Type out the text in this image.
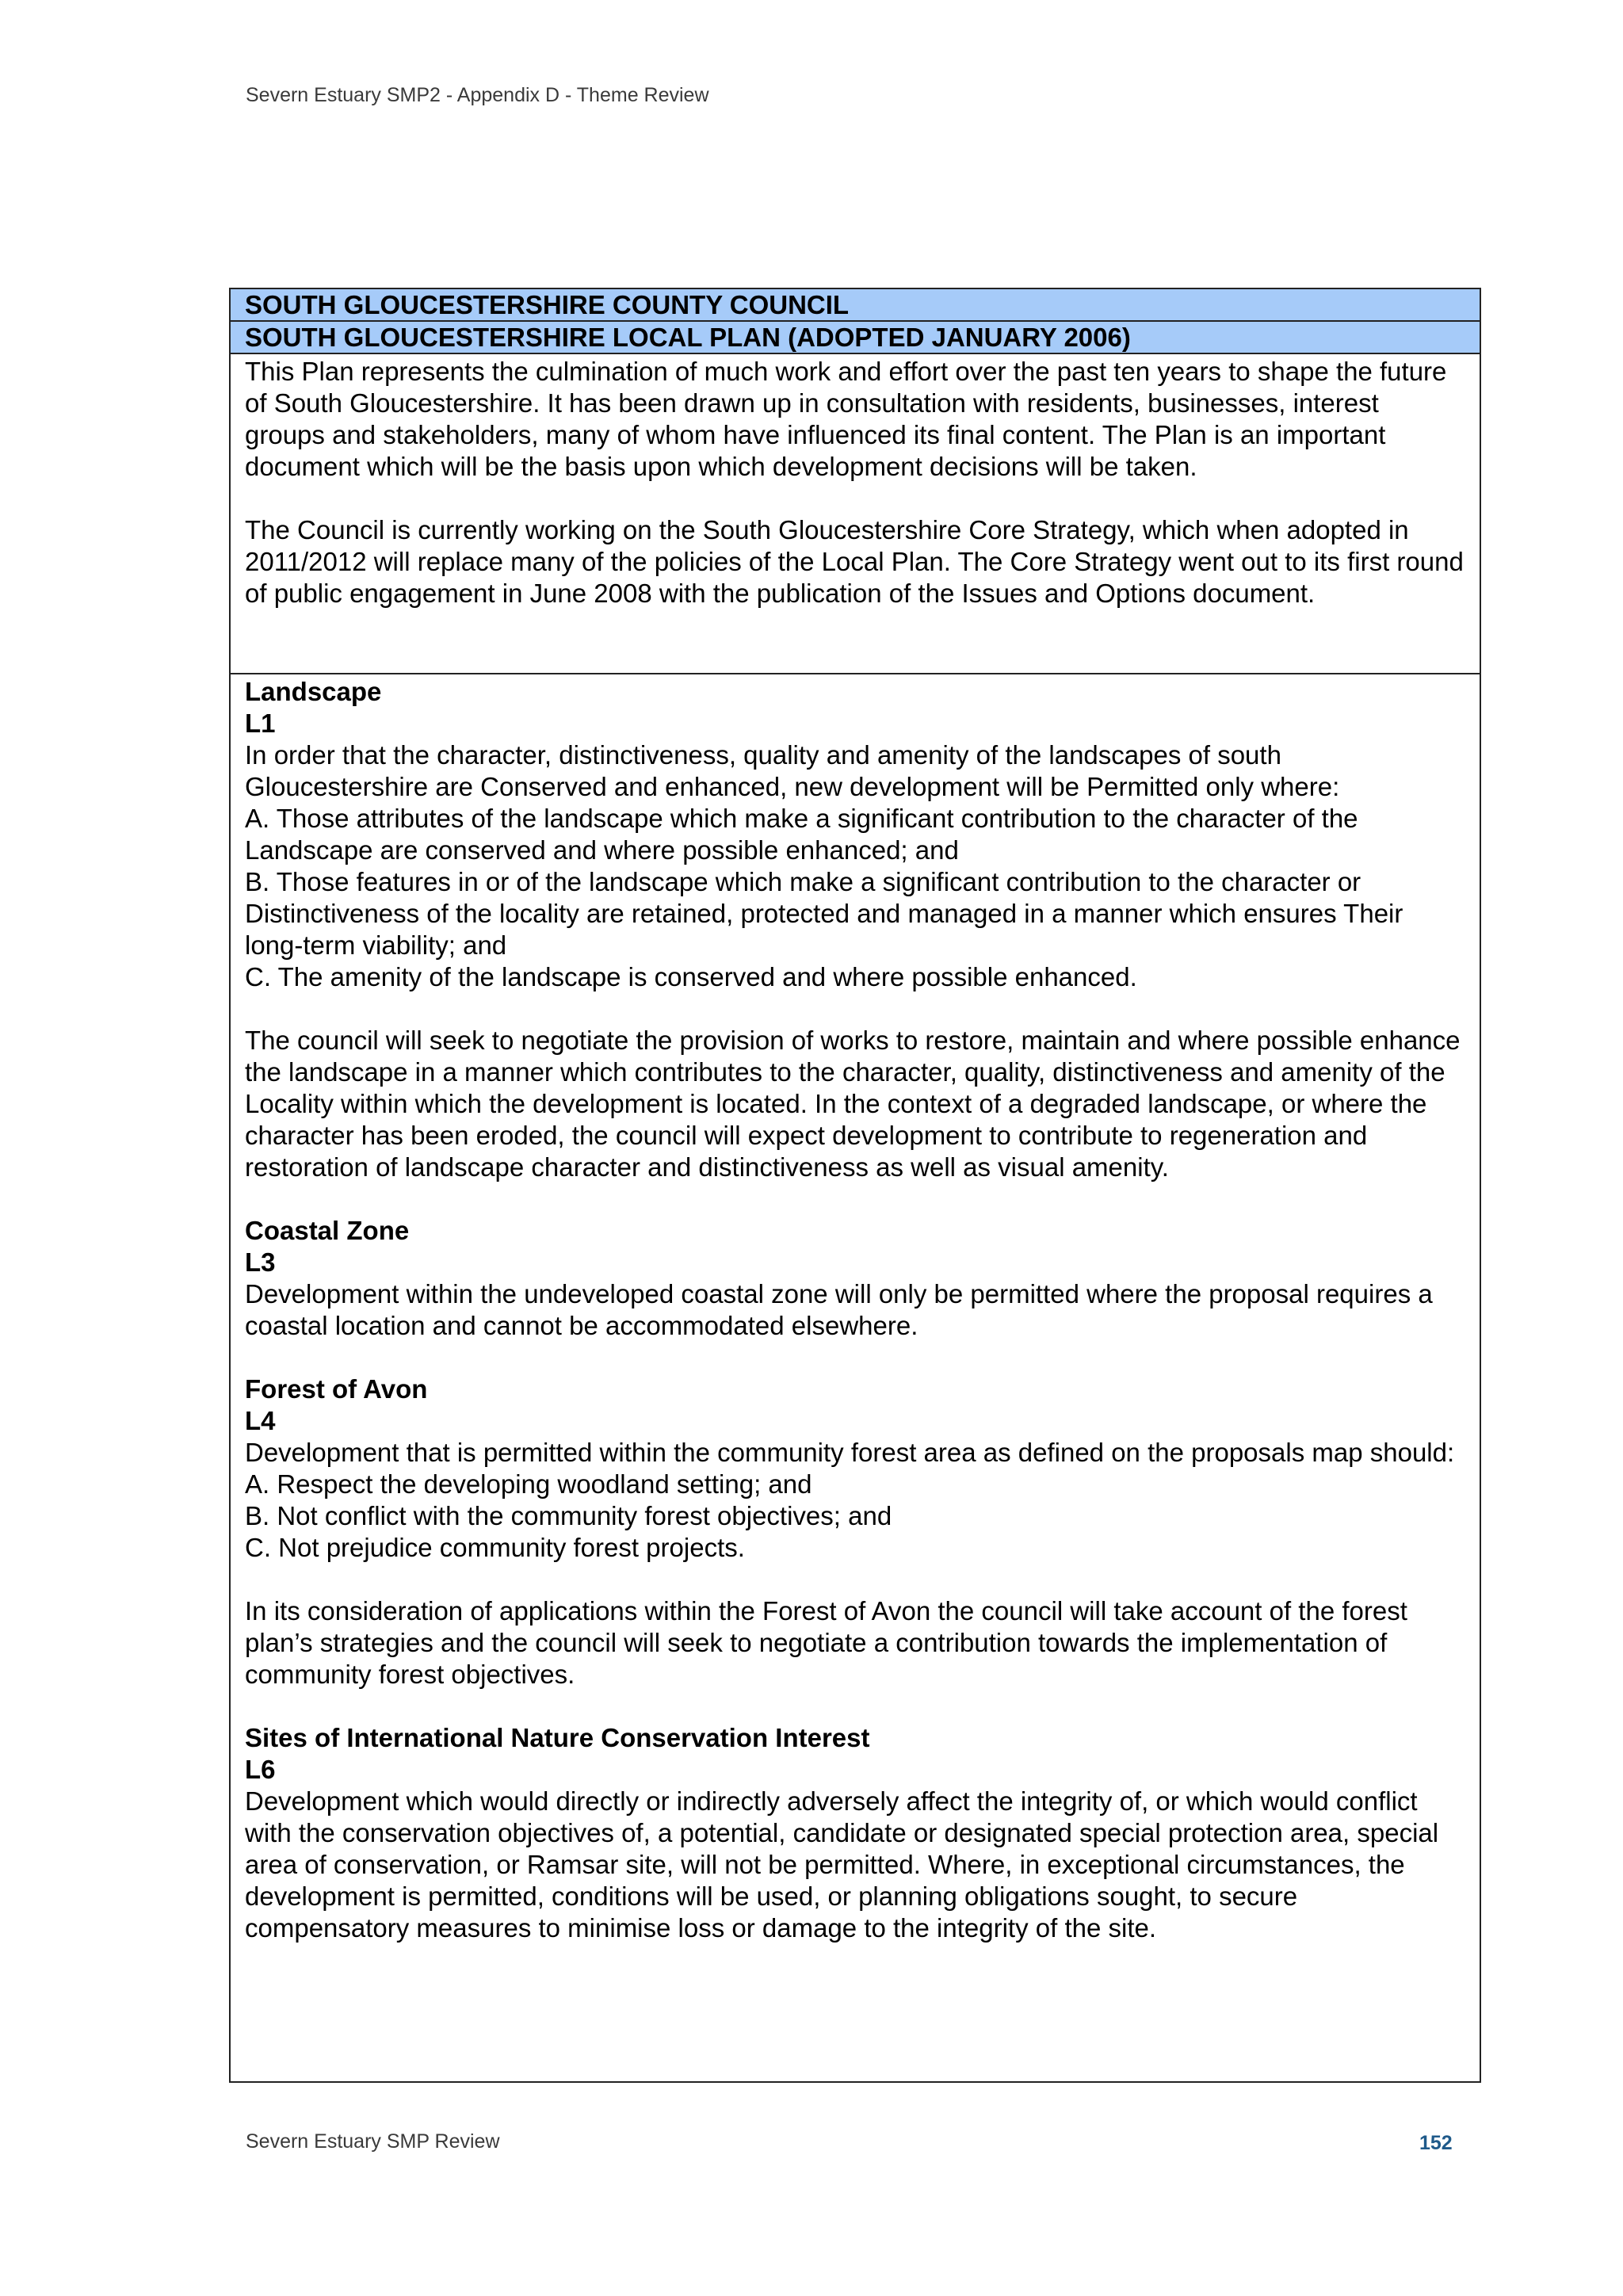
Severn Estuary SMP2 - Appendix D - Theme Review
SOUTH GLOUCESTERSHIRE COUNTY COUNCIL
SOUTH GLOUCESTERSHIRE LOCAL PLAN (ADOPTED JANUARY 2006)

This Plan represents the culmination of much work and effort over the past ten years to shape the future of South Gloucestershire. It has been drawn up in consultation with residents, businesses, interest groups and stakeholders, many of whom have influenced its final content. The Plan is an important document which will be the basis upon which development decisions will be taken.

The Council is currently working on the South Gloucestershire Core Strategy, which when adopted in 2011/2012 will replace many of the policies of the Local Plan. The Core Strategy went out to its first round of public engagement in June 2008 with the publication of the Issues and Options document.

Landscape

L1

In order that the character, distinctiveness, quality and amenity of the landscapes of south Gloucestershire are Conserved and enhanced, new development will be Permitted only where:

A. Those attributes of the landscape which make a significant contribution to the character of the Landscape are conserved and where possible enhanced; and

B. Those features in or of the landscape which make a significant contribution to the character or Distinctiveness of the locality are retained, protected and managed in a manner which ensures Their long-term viability; and

C. The amenity of the landscape is conserved and where possible enhanced.

The council will seek to negotiate the provision of works to restore, maintain and where possible enhance the landscape in a manner which contributes to the character, quality, distinctiveness and amenity of the Locality within which the development is located. In the context of a degraded landscape, or where the character has been eroded, the council will expect development to contribute to regeneration and restoration of landscape character and distinctiveness as well as visual amenity.

Coastal Zone

L3

Development within the undeveloped coastal zone will only be permitted where the proposal requires a coastal location and cannot be accommodated elsewhere.

Forest of Avon

L4

Development that is permitted within the community forest area as defined on the proposals map should:

A. Respect the developing woodland setting; and

B. Not conflict with the community forest objectives; and

C. Not prejudice community forest projects.

In its consideration of applications within the Forest of Avon the council will take account of the forest plan’s strategies and the council will seek to negotiate a contribution towards the implementation of community forest objectives.

Sites of International Nature Conservation Interest

L6

Development which would directly or indirectly adversely affect the integrity of, or which would conflict with the conservation objectives of, a potential, candidate or designated special protection area, special area of conservation, or Ramsar site, will not be permitted. Where, in exceptional circumstances, the development is permitted, conditions will be used, or planning obligations sought, to secure compensatory measures to minimise loss or damage to the integrity of the site.

Severn Estuary SMP Review	152
